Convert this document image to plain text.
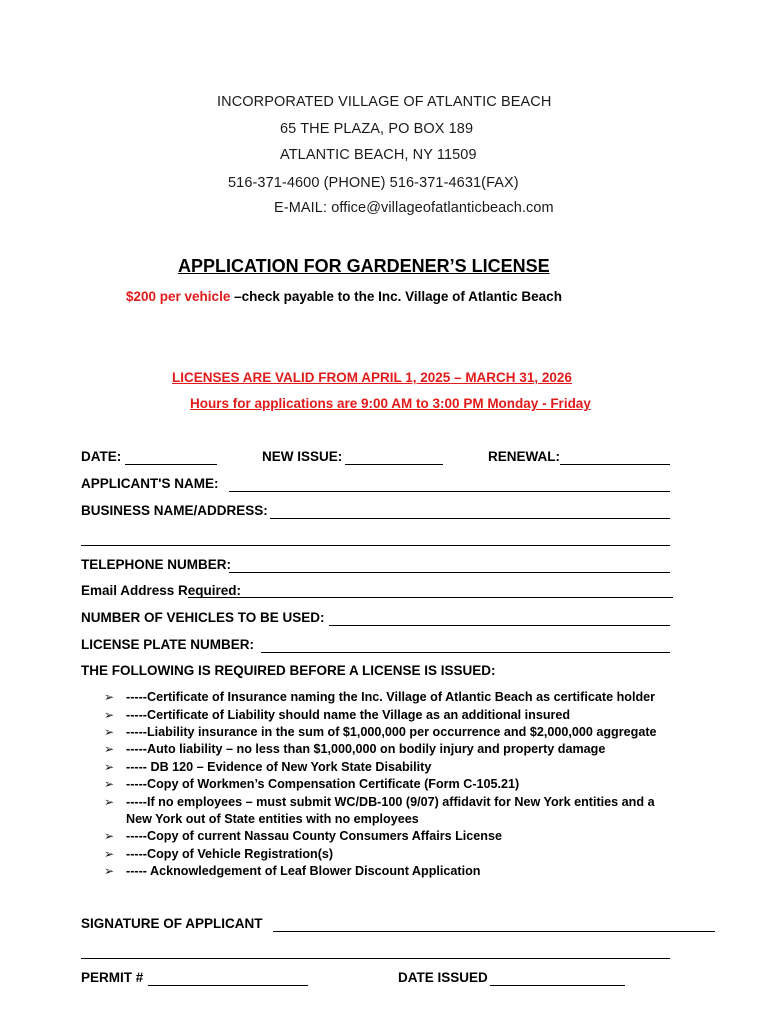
INCORPORATED VILLAGE OF ATLANTIC BEACH
65 THE PLAZA, PO BOX 189
ATLANTIC BEACH, NY 11509
516-371-4600 (PHONE) 516-371-4631(FAX)
E-MAIL: office@villageofatlanticbeach.com
APPLICATION FOR GARDENER’S LICENSE
$200 per vehicle –check payable to the Inc. Village of Atlantic Beach
LICENSES ARE VALID FROM APRIL 1, 2025 – MARCH 31, 2026
Hours for applications are 9:00 AM to 3:00 PM Monday - Friday
DATE:	NEW ISSUE:	RENEWAL:
APPLICANT'S NAME:
BUSINESS NAME/ADDRESS:
TELEPHONE NUMBER:
Email Address Required:
NUMBER OF VEHICLES TO BE USED:
LICENSE PLATE NUMBER:
THE FOLLOWING IS REQUIRED BEFORE A LICENSE IS ISSUED:
➢ -----Certificate of Insurance naming the Inc. Village of Atlantic Beach as certificate holder
➢ -----Certificate of Liability should name the Village as an additional insured
➢ -----Liability insurance in the sum of $1,000,000 per occurrence and $2,000,000 aggregate
➢ -----Auto liability – no less than $1,000,000 on bodily injury and property damage
➢ ----- DB 120 – Evidence of New York State Disability
➢ -----Copy of Workmen’s Compensation Certificate (Form C-105.21)
➢ -----If no employees – must submit WC/DB-100 (9/07) affidavit for New York entities and a
New York out of State entities with no employees
➢ -----Copy of current Nassau County Consumers Affairs License
➢ -----Copy of Vehicle Registration(s)
➢ ----- Acknowledgement of Leaf Blower Discount Application
SIGNATURE OF APPLICANT
PERMIT #	DATE ISSUED
